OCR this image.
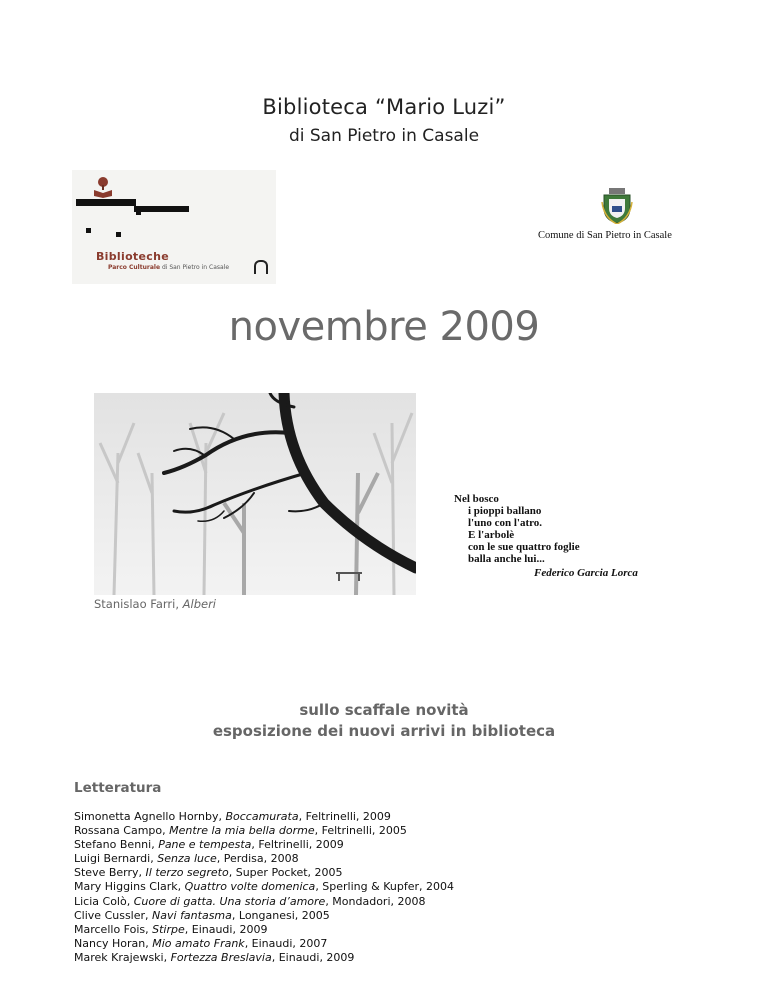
Biblioteca “Mario Luzi”
di San Pietro in Casale
Biblioteche
Parco Culturale di San Pietro in Casale
Comune di San Pietro in Casale
novembre 2009
Stanislao Farri, Alberi
Nel bosco
i pioppi ballano
l'uno con l'atro.
E l'arbolè
con le sue quattro foglie
balla anche lui...
Federico Garcia Lorca
sullo scaffale novità
esposizione dei nuovi arrivi in biblioteca
Letteratura
Simonetta Agnello Hornby, Boccamurata, Feltrinelli, 2009
Rossana Campo, Mentre la mia bella dorme, Feltrinelli, 2005
Stefano Benni, Pane e tempesta, Feltrinelli, 2009
Luigi Bernardi, Senza luce, Perdisa, 2008
Steve Berry, Il terzo segreto, Super Pocket, 2005
Mary Higgins Clark, Quattro volte domenica, Sperling & Kupfer, 2004
Licia Colò, Cuore di gatta. Una storia d’amore, Mondadori, 2008
Clive Cussler, Navi fantasma, Longanesi, 2005
Marcello Fois, Stirpe, Einaudi, 2009
Nancy Horan, Mio amato Frank, Einaudi, 2007
Marek Krajewski, Fortezza Breslavia, Einaudi, 2009
